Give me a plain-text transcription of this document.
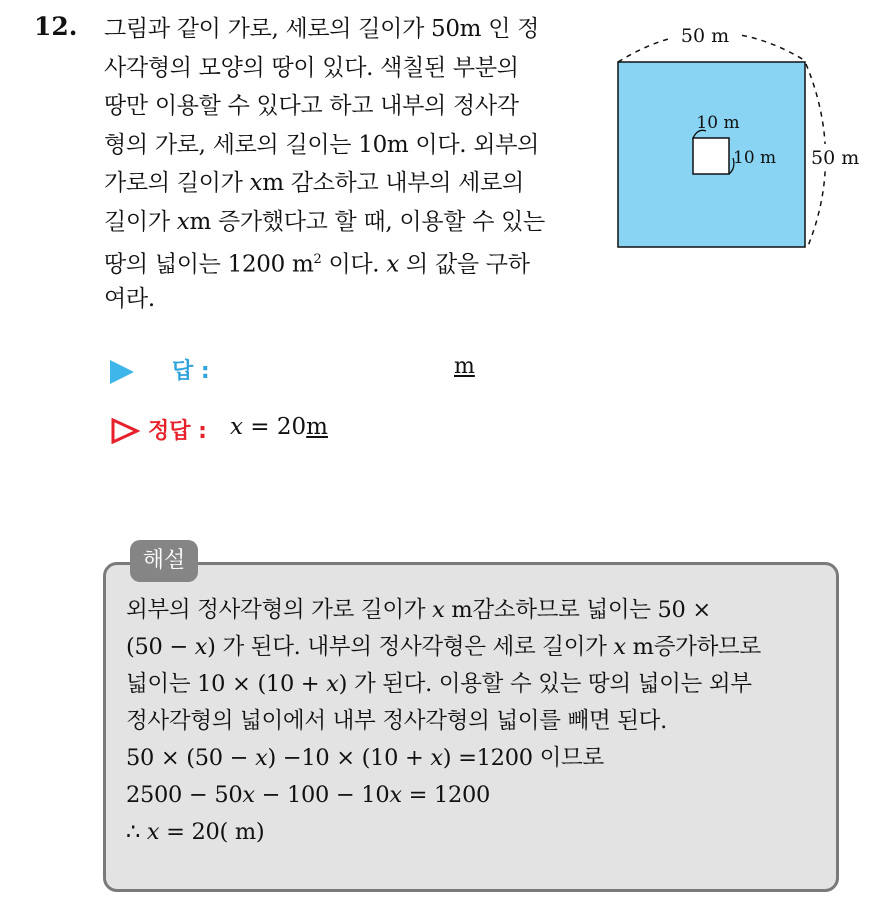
12. 그림과 같이 가로, 세로의 길이가 50m 인 정
사각형의 모양의 땅이 있다. 색칠된 부분의
땅만 이용할 수 있다고 하고 내부의 정사각
형의 가로, 세로의 길이는 10m 이다. 외부의
가로의 길이가 xm 감소하고 내부의 세로의
길이가 xm 증가했다고 할 때, 이용할 수 있는
땅의 넓이는 1200 $m^2$ 이다. x 의 값을 구하
여라.
50 m
50 m
10 m
10 m
답 :	m
정답 : x = 20m
해설
외부의 정사각형의 가로 길이가 x m감소하므로 넓이는 50 ×
(50 − x) 가 된다. 내부의 정사각형은 세로 길이가 x m증가하므로
넓이는 10 × (10 + x) 가 된다. 이용할 수 있는 땅의 넓이는 외부
정사각형의 넓이에서 내부 정사각형의 넓이를 빼면 된다.
50 × (50 − x) −10 × (10 + x) =1200 이므로
2500 − 50x − 100 − 10x = 1200
∴ x = 20( m)
